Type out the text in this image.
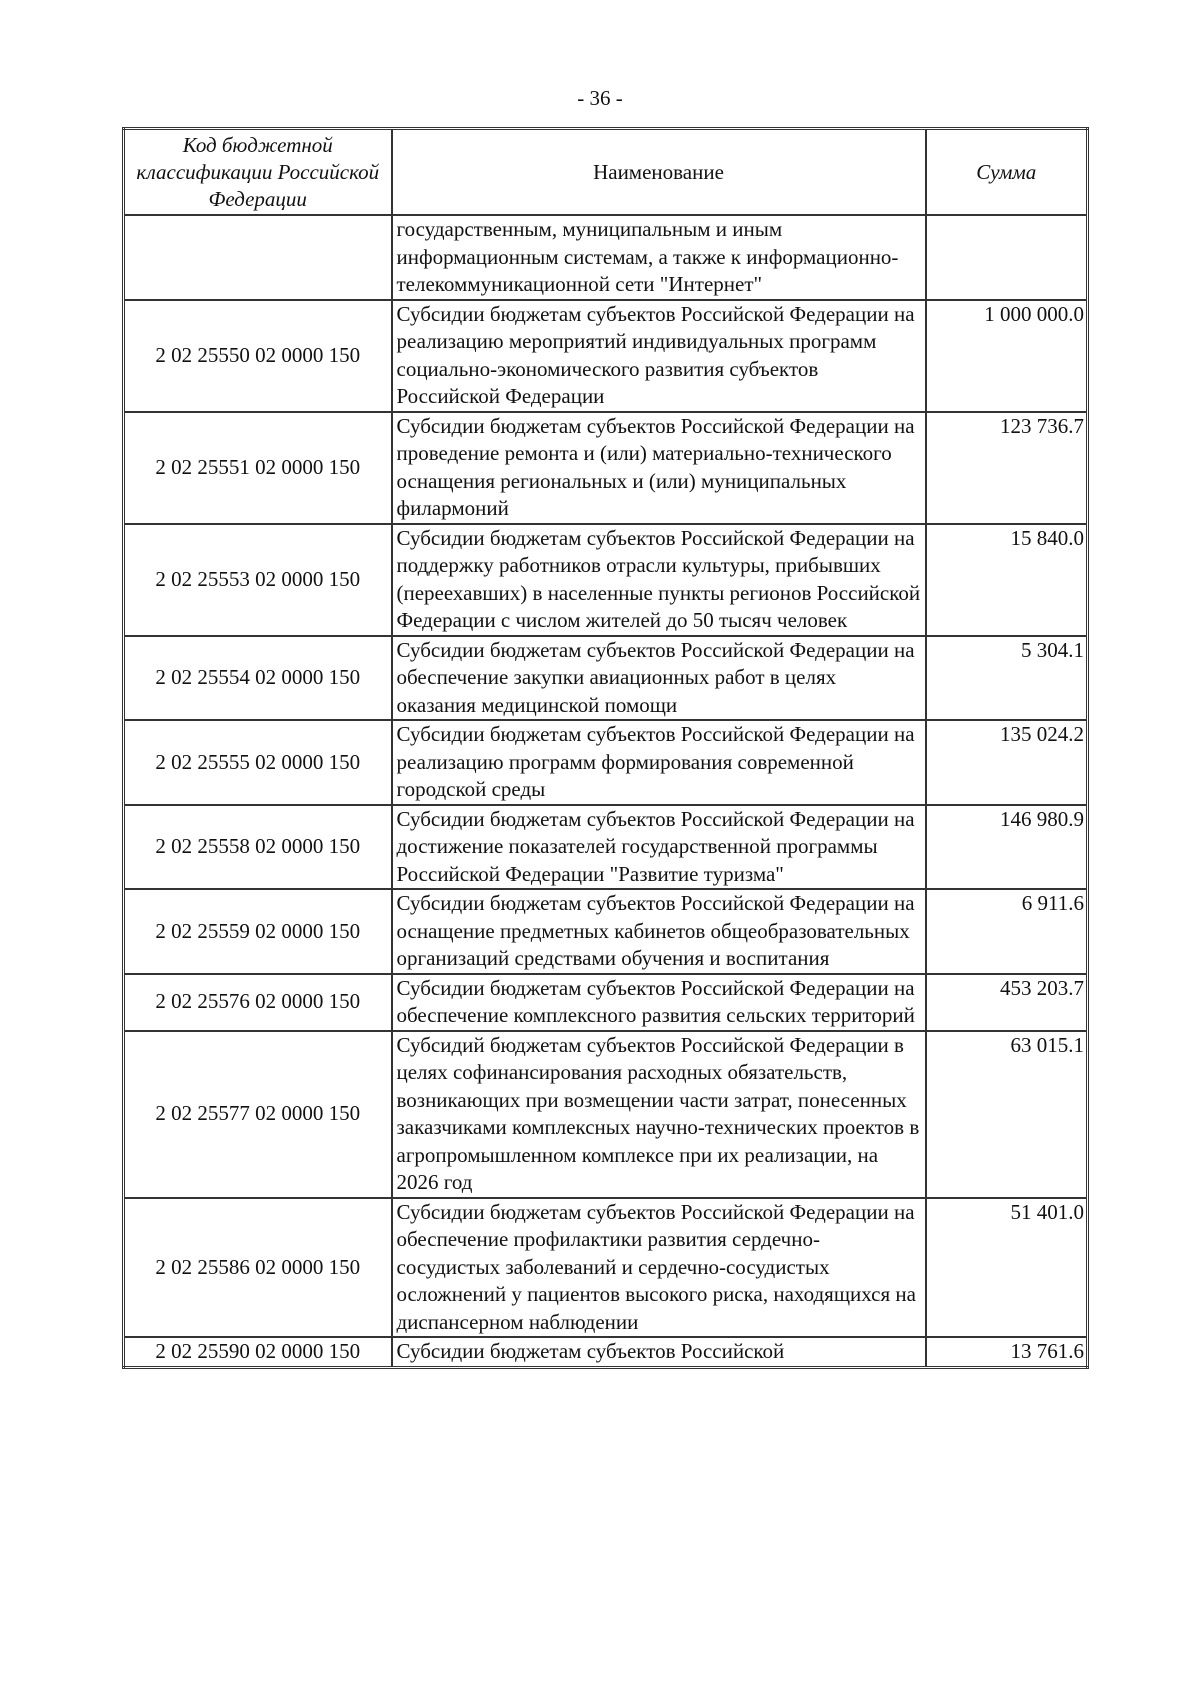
- 36 -
Код бюджетной классификации Российской Федерации	Наименование	Сумма
	государственным, муниципальным и иным информационным системам, а также к информационно-телекоммуникационной сети "Интернет"	
2 02 25550 02 0000 150	Субсидии бюджетам субъектов Российской Федерации на реализацию мероприятий индивидуальных программ социально-экономического развития субъектов Российской Федерации	1 000 000.0
2 02 25551 02 0000 150	Субсидии бюджетам субъектов Российской Федерации на проведение ремонта и (или) материально-технического оснащения региональных и (или) муниципальных филармоний	123 736.7
2 02 25553 02 0000 150	Субсидии бюджетам субъектов Российской Федерации на поддержку работников отрасли культуры, прибывших (переехавших) в населенные пункты регионов Российской Федерации с числом жителей до 50 тысяч человек	15 840.0
2 02 25554 02 0000 150	Субсидии бюджетам субъектов Российской Федерации на обеспечение закупки авиационных работ в целях оказания медицинской помощи	5 304.1
2 02 25555 02 0000 150	Субсидии бюджетам субъектов Российской Федерации на реализацию программ формирования современной городской среды	135 024.2
2 02 25558 02 0000 150	Субсидии бюджетам субъектов Российской Федерации на достижение показателей государственной программы Российской Федерации "Развитие туризма"	146 980.9
2 02 25559 02 0000 150	Субсидии бюджетам субъектов Российской Федерации на оснащение предметных кабинетов общеобразовательных организаций средствами обучения и воспитания	6 911.6
2 02 25576 02 0000 150	Субсидии бюджетам субъектов Российской Федерации на обеспечение комплексного развития сельских территорий	453 203.7
2 02 25577 02 0000 150	Субсидий бюджетам субъектов Российской Федерации в целях софинансирования расходных обязательств, возникающих при возмещении части затрат, понесенных заказчиками комплексных научно-технических проектов в агропромышленном комплексе при их реализации, на 2026 год	63 015.1
2 02 25586 02 0000 150	Субсидии бюджетам субъектов Российской Федерации на обеспечение профилактики развития сердечно-сосудистых заболеваний и сердечно-сосудистых осложнений у пациентов высокого риска, находящихся на диспансерном наблюдении	51 401.0
2 02 25590 02 0000 150	Субсидии бюджетам субъектов Российской	13 761.6
